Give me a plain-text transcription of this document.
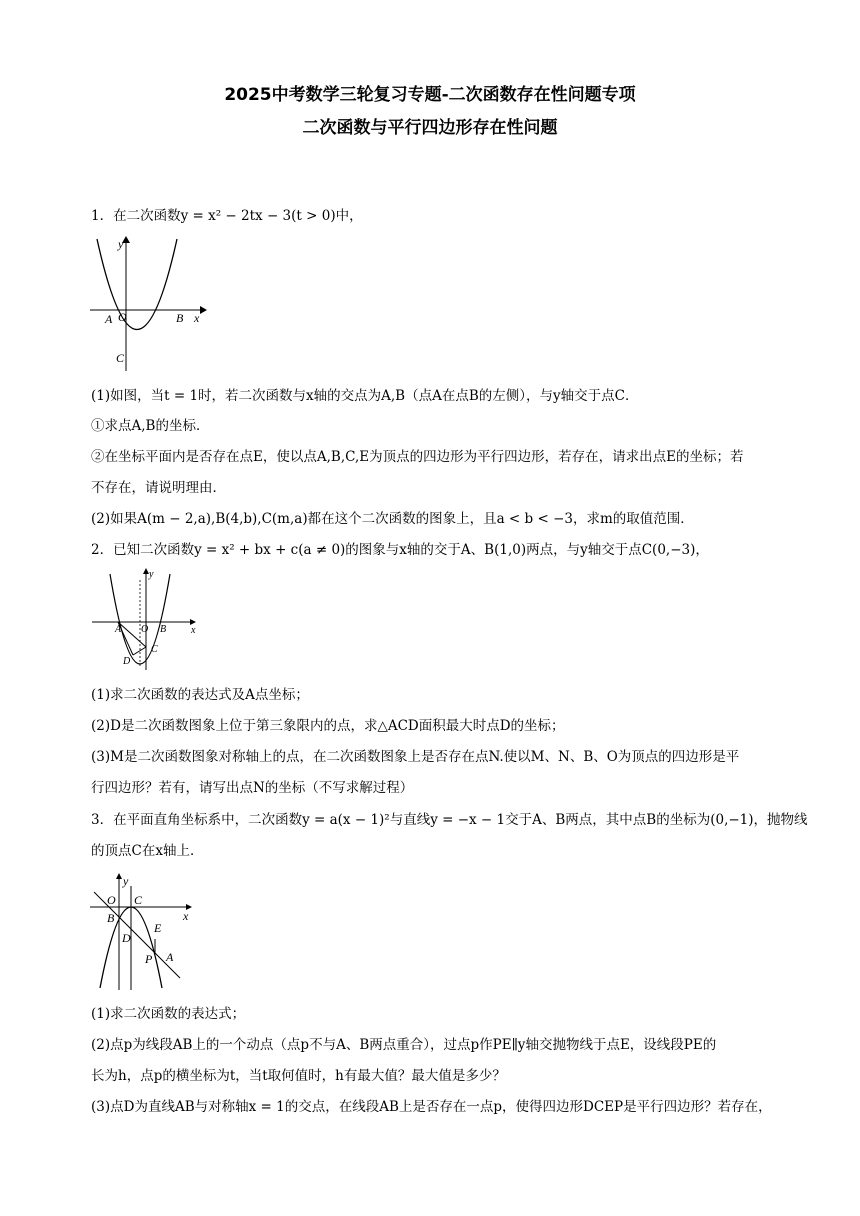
2025中考数学三轮复习专题-二次函数存在性问题专项
二次函数与平行四边形存在性问题
1．在二次函数y = x² − 2tx − 3(t > 0)中，
y
x
A O	B
C
(1)如图，当t = 1时，若二次函数与x轴的交点为A,B（点A在点B的左侧），与y轴交于点C．
①求点A,B的坐标．
②在坐标平面内是否存在点E，使以点A,B,C,E为顶点的四边形为平行四边形，若存在，请求出点E的坐标；若
不存在，请说明理由．
(2)如果A(m − 2,a),B(4,b),C(m,a)都在这个二次函数的图象上，且a < b < −3，求m的取值范围．
2．已知二次函数y = x² + bx + c(a ≠ 0)的图象与x轴的交于A、B(1,0)两点，与y轴交于点C(0,−3)，
y
x
A O B
C
D
(1)求二次函数的表达式及A点坐标；
(2)D是二次函数图象上位于第三象限内的点，求△ACD面积最大时点D的坐标；
(3)M是二次函数图象对称轴上的点，在二次函数图象上是否存在点N.使以M、N、B、O为顶点的四边形是平
行四边形？若有，请写出点N的坐标（不写求解过程）
3．在平面直角坐标系中，二次函数y = a(x − 1)²与直线y = −x − 1交于A、B两点，其中点B的坐标为(0,−1)，抛物线
的顶点C在x轴上．
y
x
O C
B
D
E
P A
(1)求二次函数的表达式；
(2)点p为线段AB上的一个动点（点p不与A、B两点重合），过点p作PE∥y轴交抛物线于点E，设线段PE的
长为h，点p的横坐标为t，当t取何值时，h有最大值？最大值是多少？
(3)点D为直线AB与对称轴x = 1的交点，在线段AB上是否存在一点p，使得四边形DCEP是平行四边形？若存在，
